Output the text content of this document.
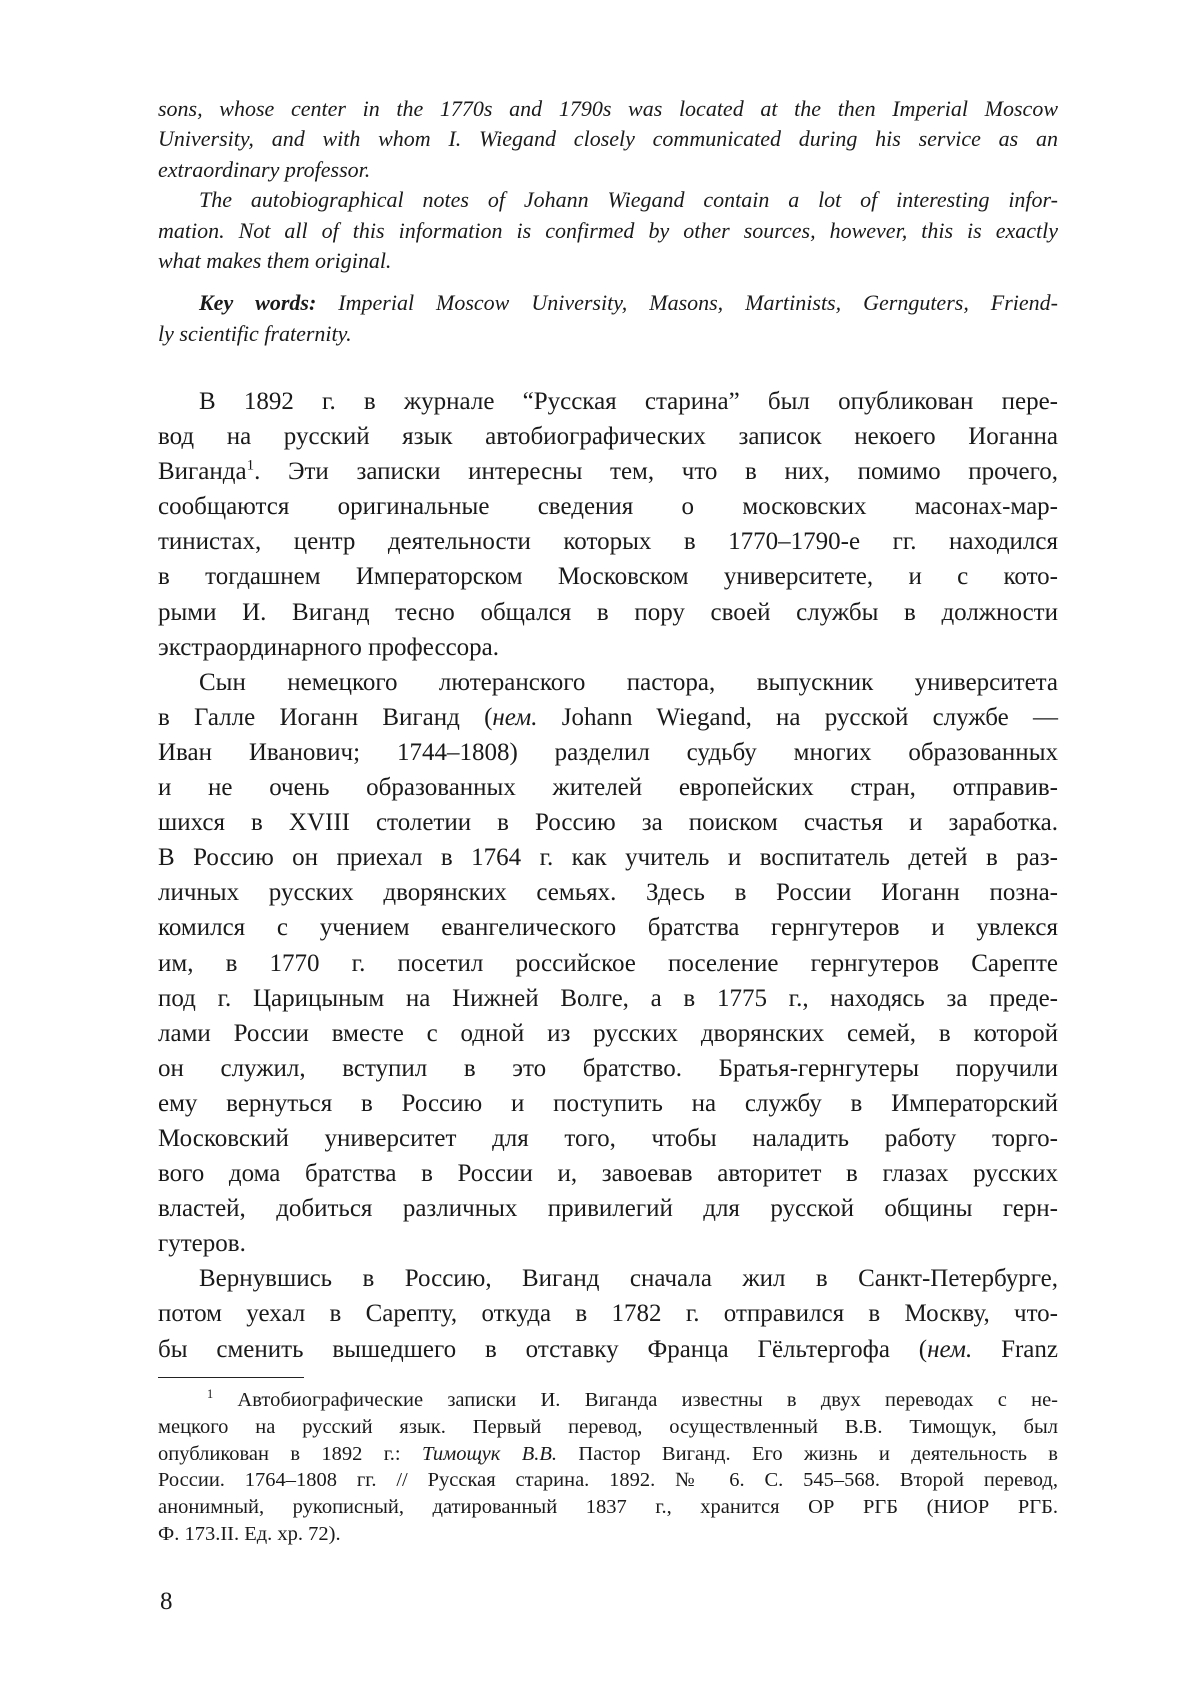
sons, whose center in the 1770s and 1790s was located at the then Imperial Moscow
University, and with whom I. Wiegand closely communicated during his service as an
extraordinary professor.
The autobiographical notes of Johann Wiegand contain a lot of interesting infor-
mation. Not all of this information is confirmed by other sources, however, this is exactly
what makes them original.
Key words: Imperial Moscow University, Masons, Martinists, Gernguters, Friend-
ly scientific fraternity.
В 1892 г. в журнале “Русская старина” был опубликован пере-
вод на русский язык автобиографических записок некоего Иоганна
Виганда1. Эти записки интересны тем, что в них, помимо прочего,
сообщаются оригинальные сведения о московских масонах-мар-
тинистах, центр деятельности которых в 1770–1790-е гг. находился
в тогдашнем Императорском Московском университете, и с кото-
рыми И. Виганд тесно общался в пору своей службы в должности
экстраординарного профессора.
Сын немецкого лютеранского пастора, выпускник университета
в Галле Иоганн Виганд (нем. Johann Wiegand, на русской службе —
Иван Иванович; 1744–1808) разделил судьбу многих образованных
и не очень образованных жителей европейских стран, отправив-
шихся в XVIII столетии в Россию за поиском счастья и заработка.
В Россию он приехал в 1764 г. как учитель и воспитатель детей в раз-
личных русских дворянских семьях. Здесь в России Иоганн позна-
комился с учением евангелического братства гернгутеров и увлекся
им, в 1770 г. посетил российское поселение гернгутеров Сарепте
под г. Царицыным на Нижней Волге, а в 1775 г., находясь за преде-
лами России вместе с одной из русских дворянских семей, в которой
он служил, вступил в это братство. Братья-гернгутеры поручили
ему вернуться в Россию и поступить на службу в Императорский
Московский университет для того, чтобы наладить работу торго-
вого дома братства в России и, завоевав авторитет в глазах русских
властей, добиться различных привилегий для русской общины герн-
гутеров.
Вернувшись в Россию, Виганд сначала жил в Санкт-Петербурге,
потом уехал в Сарепту, откуда в 1782 г. отправился в Москву, что-
бы сменить вышедшего в отставку Франца Гёльтергофа (нем. Franz
1 Автобиографические записки И. Виганда известны в двух переводах с не-
мецкого на русский язык. Первый перевод, осуществленный В.В. Тимощук, был
опубликован в 1892 г.: Тимощук В.В. Пастор Виганд. Его жизнь и деятельность в
России. 1764–1808 гг. // Русская старина. 1892. № 6. С. 545–568. Второй перевод,
анонимный, рукописный, датированный 1837 г., хранится ОР РГБ (НИОР РГБ.
Ф. 173.II. Ед. хр. 72).
8
